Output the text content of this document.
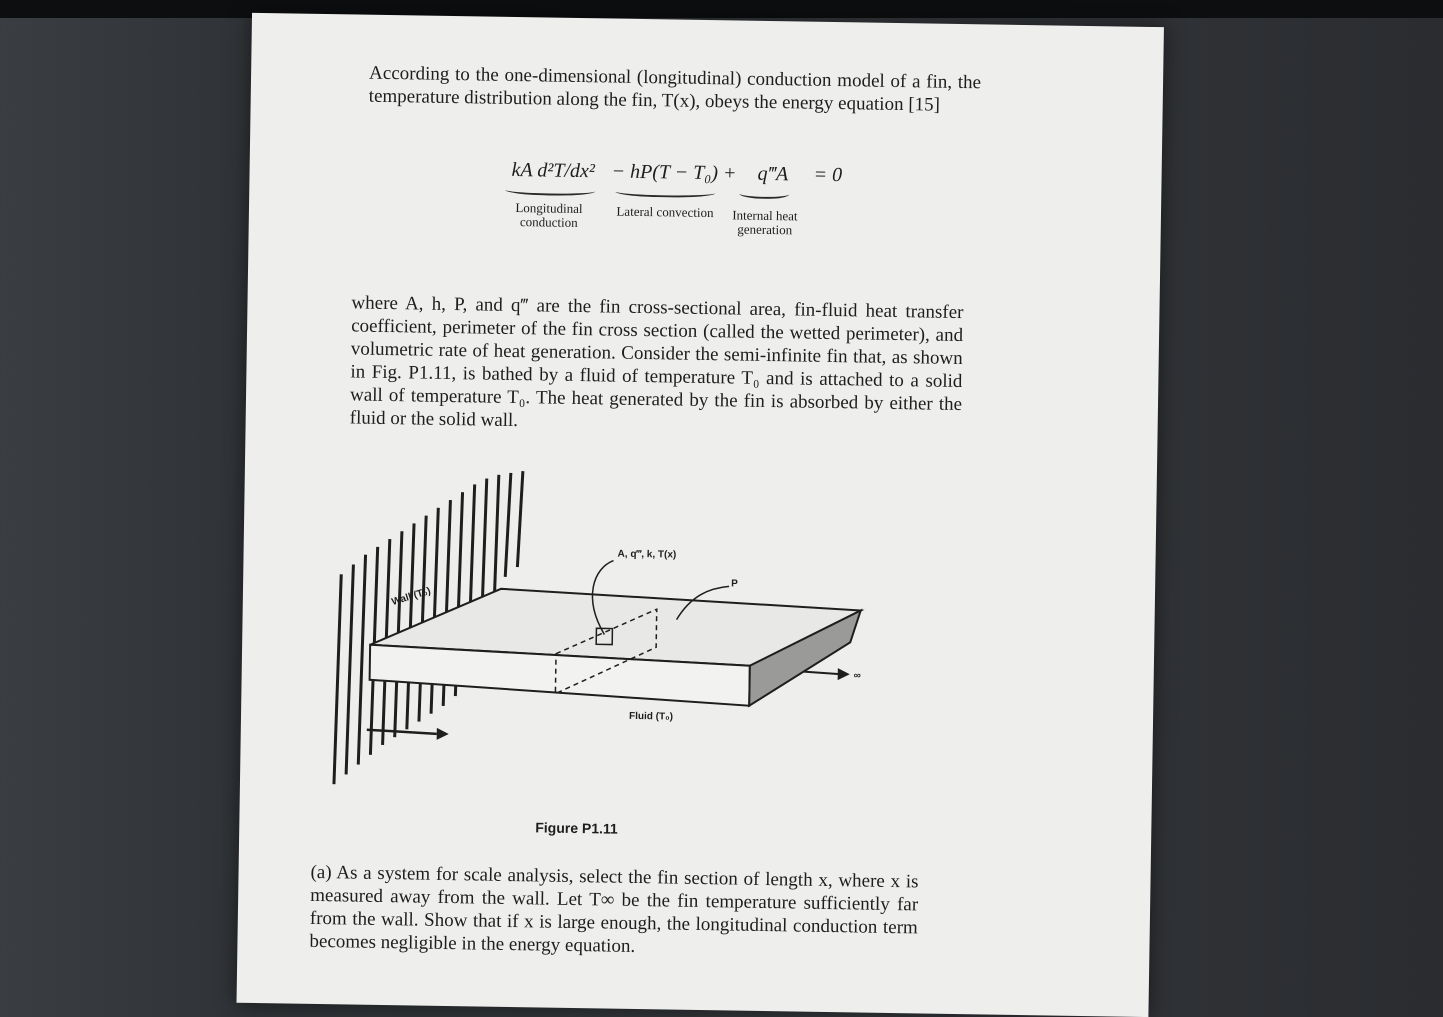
According to the one-dimensional (longitudinal) conduction model of a fin, the temperature distribution along the fin, T(x), obeys the energy equation [15]

kA d²T/dx² − hP(T − T₀) + q‴A = 0
Longitudinal conduction
Lateral convection	Internal heat generation

where A, h, P, and q‴ are the fin cross-sectional area, fin-fluid heat transfer coefficient, perimeter of the fin cross section (called the wetted perimeter), and volumetric rate of heat generation. Consider the semi-infinite fin that, as shown in Fig. P1.11, is bathed by a fluid of temperature T₀ and is attached to a solid wall of temperature T₀. The heat generated by the fin is absorbed by either the fluid or the solid wall.

Wall (T₀)
A, q‴, k, T(x)
P
Fluid (T₀)
∞
Figure P1.11

(a) As a system for scale analysis, select the fin section of length x, where x is measured away from the wall. Let T∞ be the fin temperature sufficiently far from the wall. Show that if x is large enough, the longitudinal conduction term becomes negligible in the energy equation.
